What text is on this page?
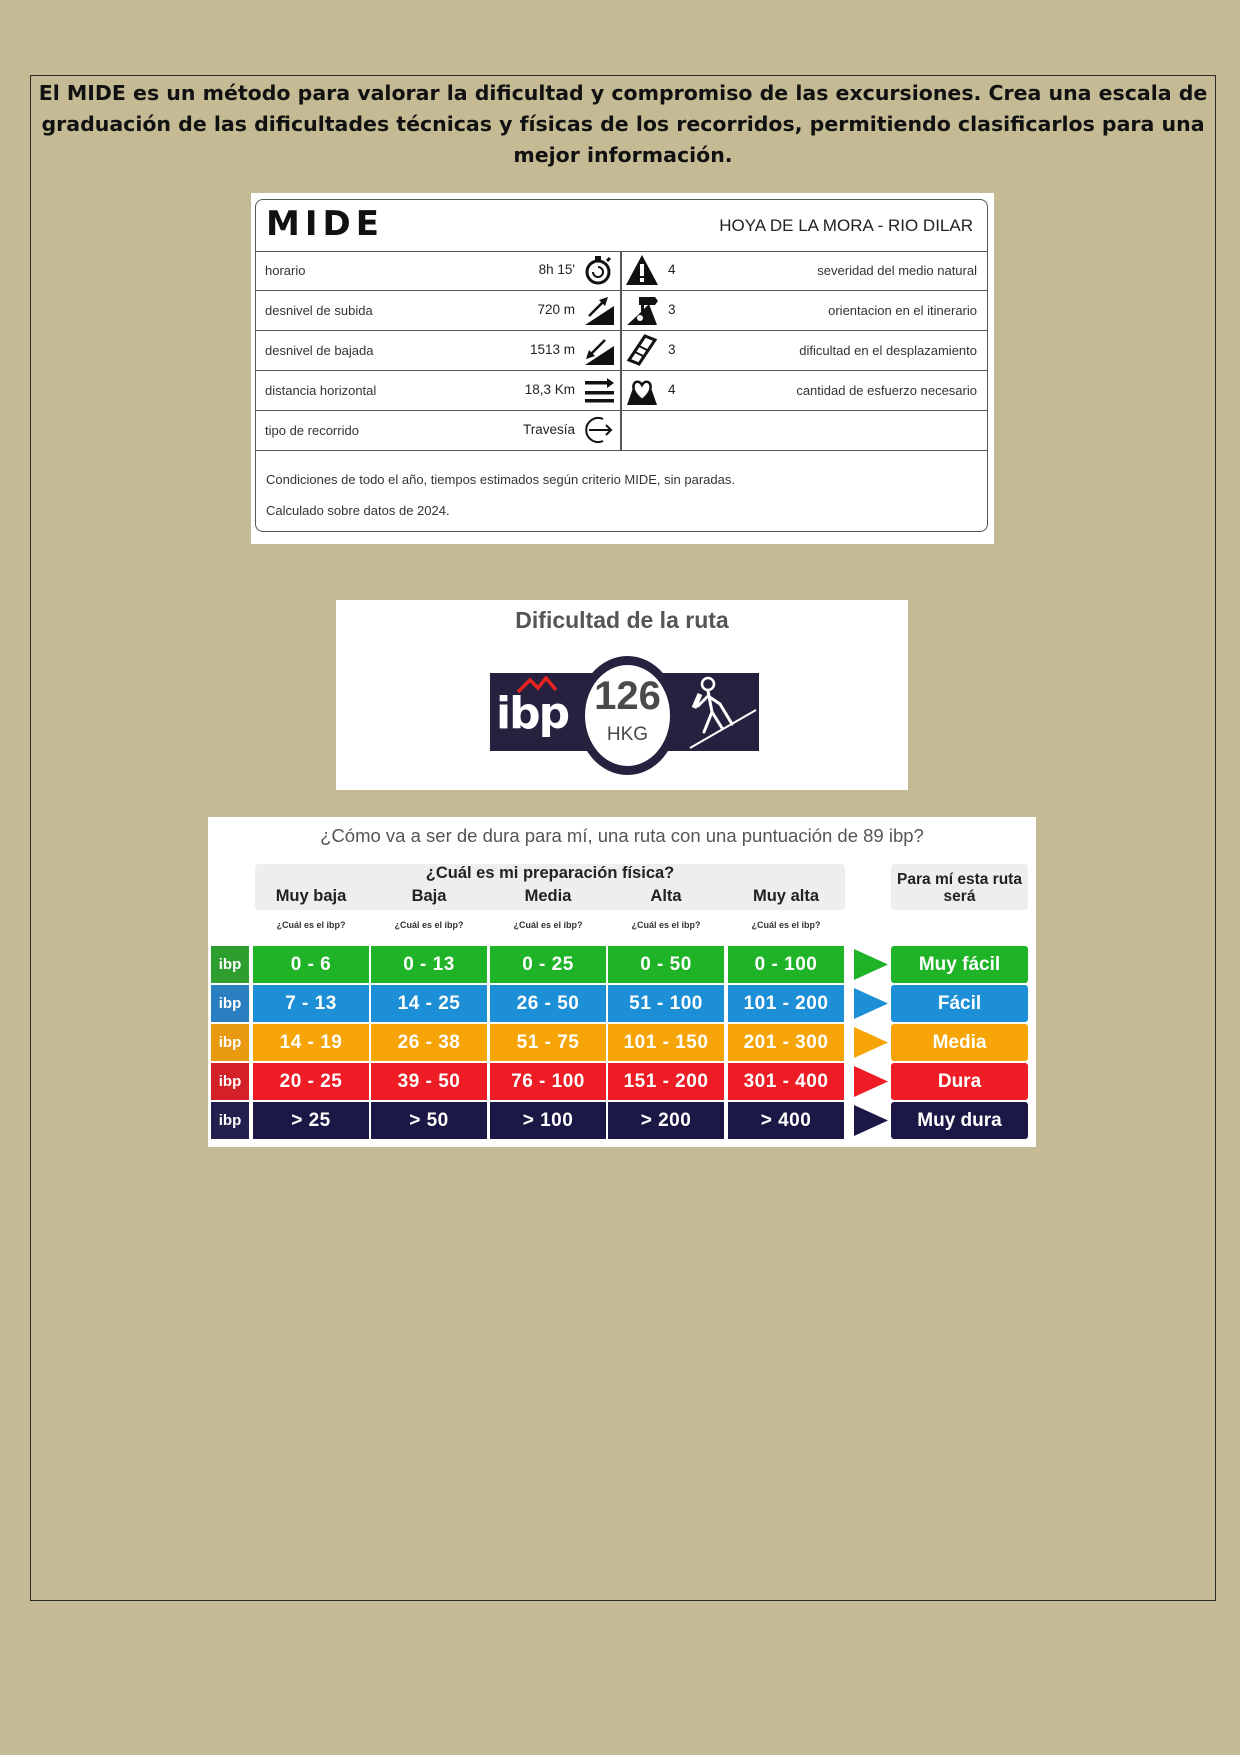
El MIDE es un método para valorar la dificultad y compromiso de las excursiones. Crea una escala de graduación de las dificultades técnicas y físicas de los recorridos, permitiendo clasificarlos para una mejor información.
MIDE	HOYA DE LA MORA - RIO DILAR
horario	8h 15'	4	severidad del medio natural
desnivel de subida	720 m	3	orientacion en el itinerario
desnivel de bajada	1513 m	3	dificultad en el desplazamiento
distancia horizontal	18,3 Km	4	cantidad de esfuerzo necesario
tipo de recorrido	Travesía
Condiciones de todo el año, tiempos estimados según criterio MIDE, sin paradas.
Calculado sobre datos de 2024.
Dificultad de la ruta
ibp 126
HKG
¿Cómo va a ser de dura para mí, una ruta con una puntuación de 89 ibp?
¿Cuál es mi preparación física?	Para mí esta ruta será
Muy baja	Baja	Media	Alta	Muy alta
¿Cuál es el ibp?	¿Cuál es el ibp?	¿Cuál es el ibp?	¿Cuál es el ibp?	¿Cuál es el ibp?
ibp	0 - 6	0 - 13	0 - 25	0 - 50	0 - 100	Muy fácil
ibp	7 - 13	14 - 25	26 - 50	51 - 100	101 - 200	Fácil
ibp	14 - 19	26 - 38	51 - 75	101 - 150	201 - 300	Media
ibp	20 - 25	39 - 50	76 - 100	151 - 200	301 - 400	Dura
ibp	> 25	> 50	> 100	> 200	> 400	Muy dura
